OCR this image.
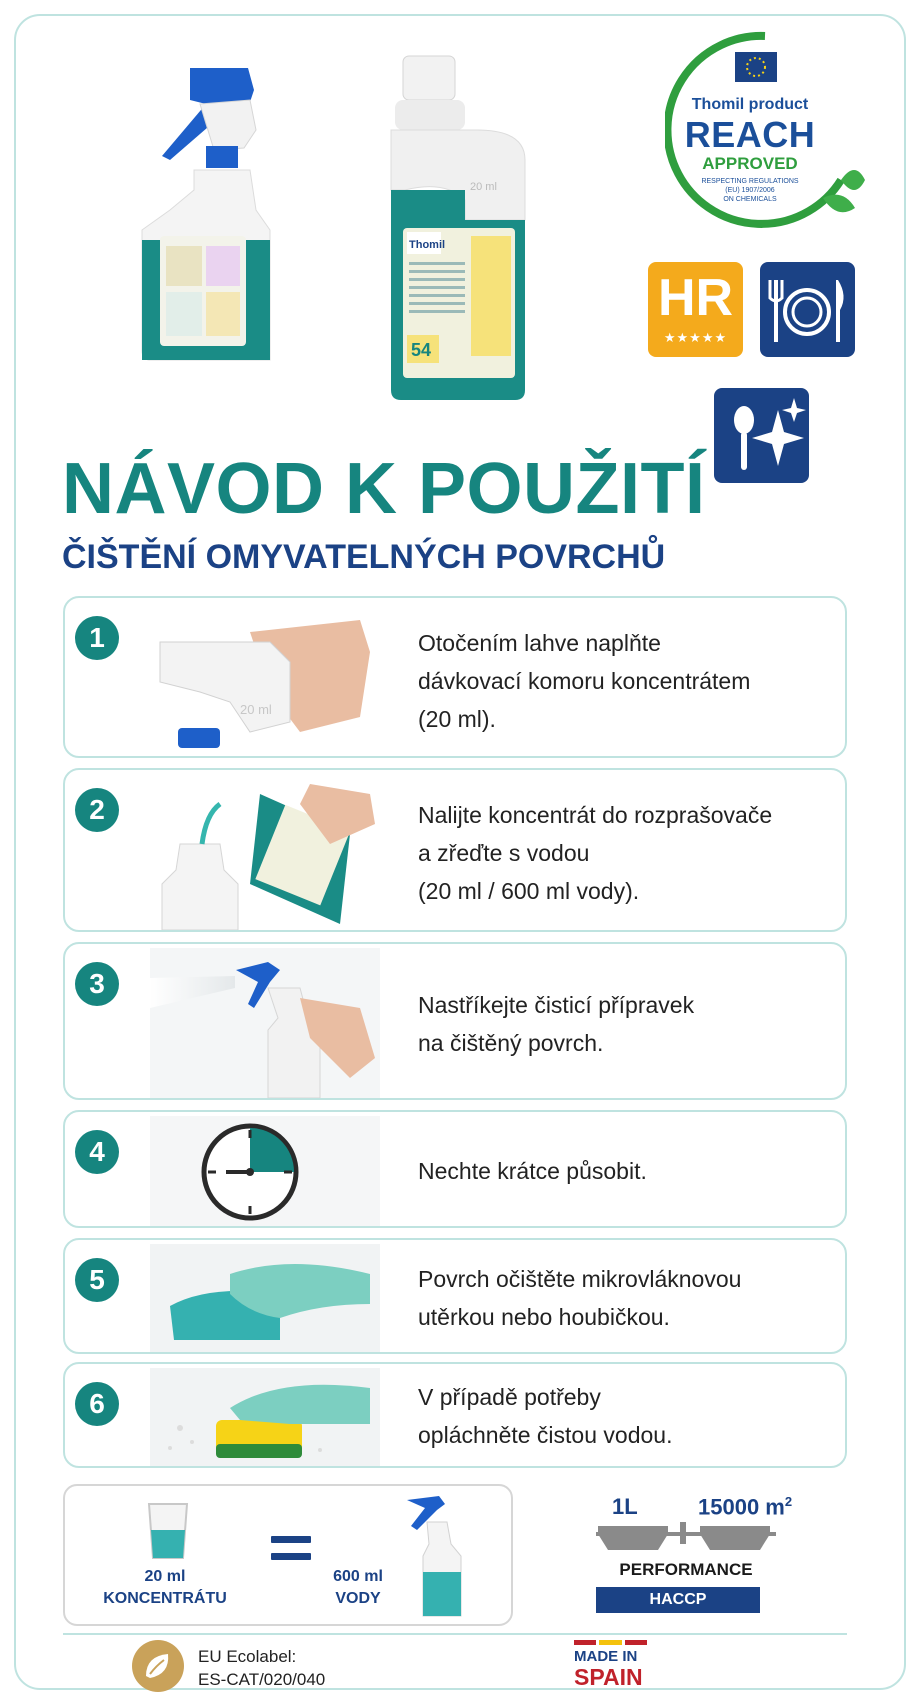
20 ml
Thomil
54
Thomil product
REACH
APPROVED
RESPECTING REGULATIONS
(EU) 1907/2006
ON CHEMICALS
HR
★★★★★
NÁVOD K POUŽITÍ
ČIŠTĚNÍ OMYVATELNÝCH POVRCHŮ
1
20 ml
Otočením lahve naplňte
dávkovací komoru koncentrátem
(20 ml).
2	Nalijte koncentrát do rozprašovače
a zřeďte s vodou
(20 ml / 600 ml vody).
3
Nastříkejte čisticí přípravek
na čištěný povrch.
4
Nechte krátce působit.
5	Povrch očištěte mikrovláknovou
utěrkou nebo houbičkou.
6	V případě potřeby
opláchněte čistou vodou.
20 ml
KONCENTRÁTU
600 ml
VODY
1L	15000 $m^2$
PERFORMANCE
HACCP
EU Ecolabel:
ES-CAT/020/040
MADE IN
SPAIN
